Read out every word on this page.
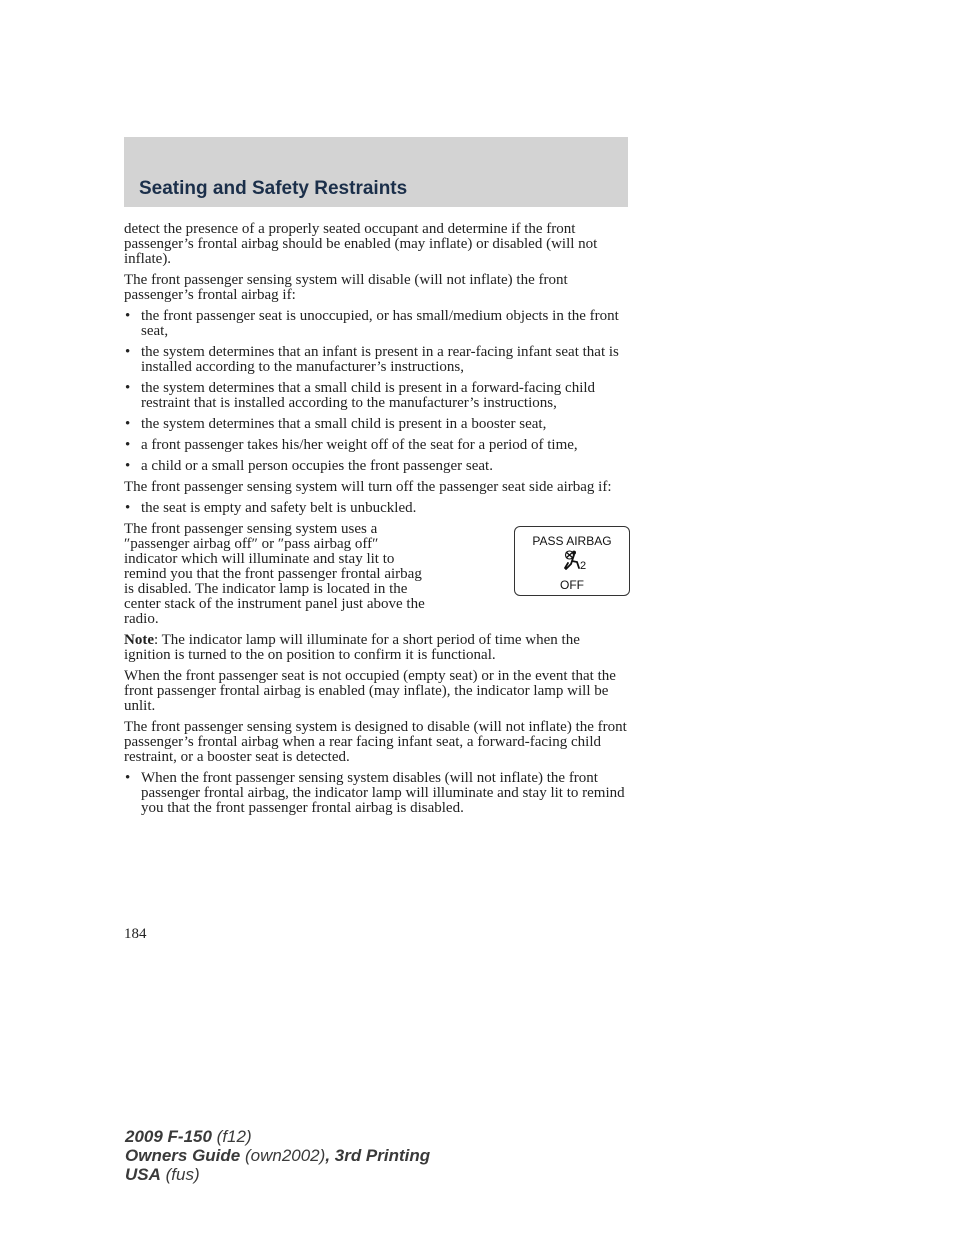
Seating and Safety Restraints

detect the presence of a properly seated occupant and determine if the front passenger’s frontal airbag should be enabled (may inflate) or disabled (will not inflate).

The front passenger sensing system will disable (will not inflate) the front passenger’s frontal airbag if:

• the front passenger seat is unoccupied, or has small/medium objects in the front seat,
• the system determines that an infant is present in a rear-facing infant seat that is installed according to the manufacturer’s instructions,
• the system determines that a small child is present in a forward-facing child restraint that is installed according to the manufacturer’s instructions,
• the system determines that a small child is present in a booster seat,
• a front passenger takes his/her weight off of the seat for a period of time,
• a child or a small person occupies the front passenger seat.

The front passenger sensing system will turn off the passenger seat side airbag if:

• the seat is empty and safety belt is unbuckled.
PASS AIRBAG
2
OFF

The front passenger sensing system uses a ″passenger airbag off″ or ″pass airbag off″ indicator which will illuminate and stay lit to remind you that the front passenger frontal airbag is disabled. The indicator lamp is located in the center stack of the instrument panel just above the radio.

Note: The indicator lamp will illuminate for a short period of time when the ignition is turned to the on position to confirm it is functional.

When the front passenger seat is not occupied (empty seat) or in the event that the front passenger frontal airbag is enabled (may inflate), the indicator lamp will be unlit.

The front passenger sensing system is designed to disable (will not inflate) the front passenger’s frontal airbag when a rear facing infant seat, a forward-facing child restraint, or a booster seat is detected.

• When the front passenger sensing system disables (will not inflate) the front passenger frontal airbag, the indicator lamp will illuminate and stay lit to remind you that the front passenger frontal airbag is disabled.
184
2009 F-150 (f12)
Owners Guide (own2002), 3rd Printing
USA (fus)
